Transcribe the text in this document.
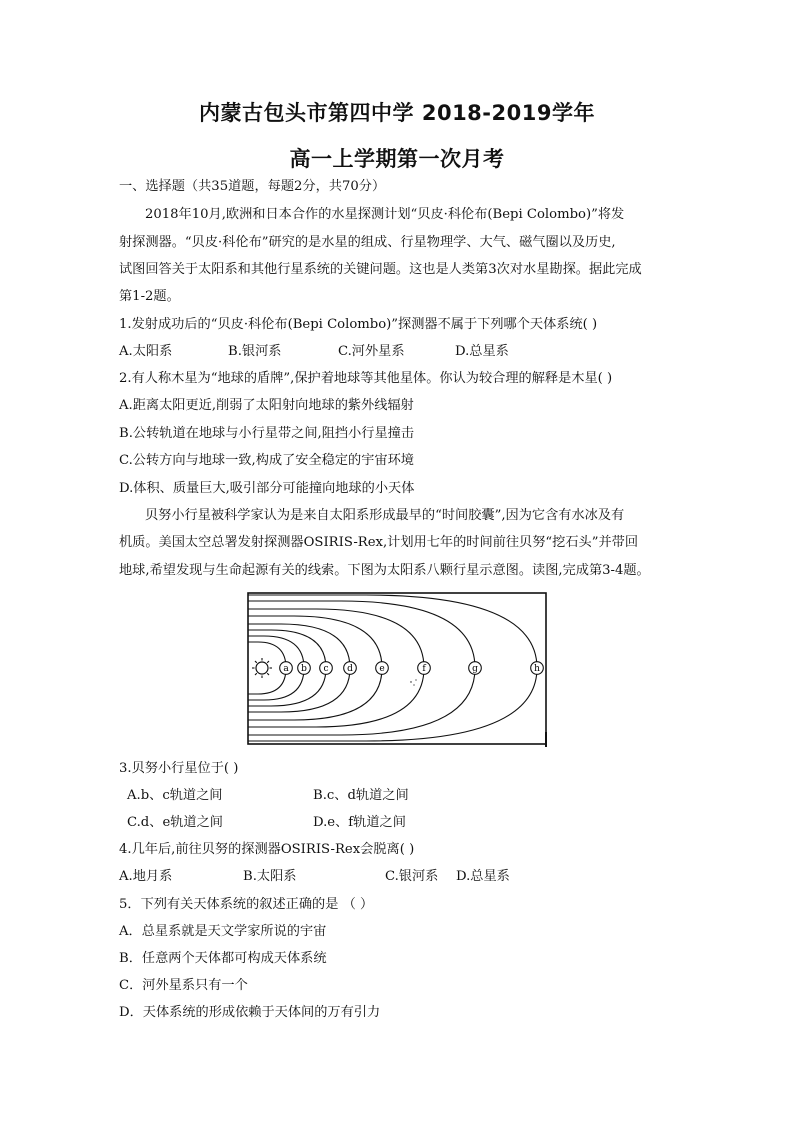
内蒙古包头市第四中学 2018-2019学年
高一上学期第一次月考
一、选择题（共35道题，每题2分，共70分）
2018年10月,欧洲和日本合作的水星探测计划“贝皮·科伦布(Bepi Colombo)”将发
射探测器。“贝皮·科伦布”研究的是水星的组成、行星物理学、大气、磁气圈以及历史,
试图回答关于太阳系和其他行星系统的关键问题。这也是人类第3次对水星勘探。据此完成
第1-2题。
1.发射成功后的“贝皮·科伦布(Bepi Colombo)”探测器不属于下列哪个天体系统( )
A.太阳系	B.银河系	C.河外星系	D.总星系
2.有人称木星为“地球的盾牌”,保护着地球等其他星体。你认为较合理的解释是木星( )
A.距离太阳更近,削弱了太阳射向地球的紫外线辐射
B.公转轨道在地球与小行星带之间,阻挡小行星撞击
C.公转方向与地球一致,构成了安全稳定的宇宙环境
D.体积、质量巨大,吸引部分可能撞向地球的小天体
贝努小行星被科学家认为是来自太阳系形成最早的“时间胶囊”,因为它含有水冰及有
机质。美国太空总署发射探测器OSIRIS-Rex,计划用七年的时间前往贝努“挖石头”并带回
地球,希望发现与生命起源有关的线索。下图为太阳系八颗行星示意图。读图,完成第3-4题。
a b c d	e	f	g	h
3.贝努小行星位于( )
A.b、c轨道之间	B.c、d轨道之间
C.d、e轨道之间	D.e、f轨道之间
4.几年后,前往贝努的探测器OSIRIS-Rex会脱离( )
A.地月系	B.太阳系	C.银河系 D.总星系
5．下列有关天体系统的叙述正确的是 （ ）
A．总星系就是天文学家所说的宇宙
B．任意两个天体都可构成天体系统
C．河外星系只有一个
D．天体系统的形成依赖于天体间的万有引力
